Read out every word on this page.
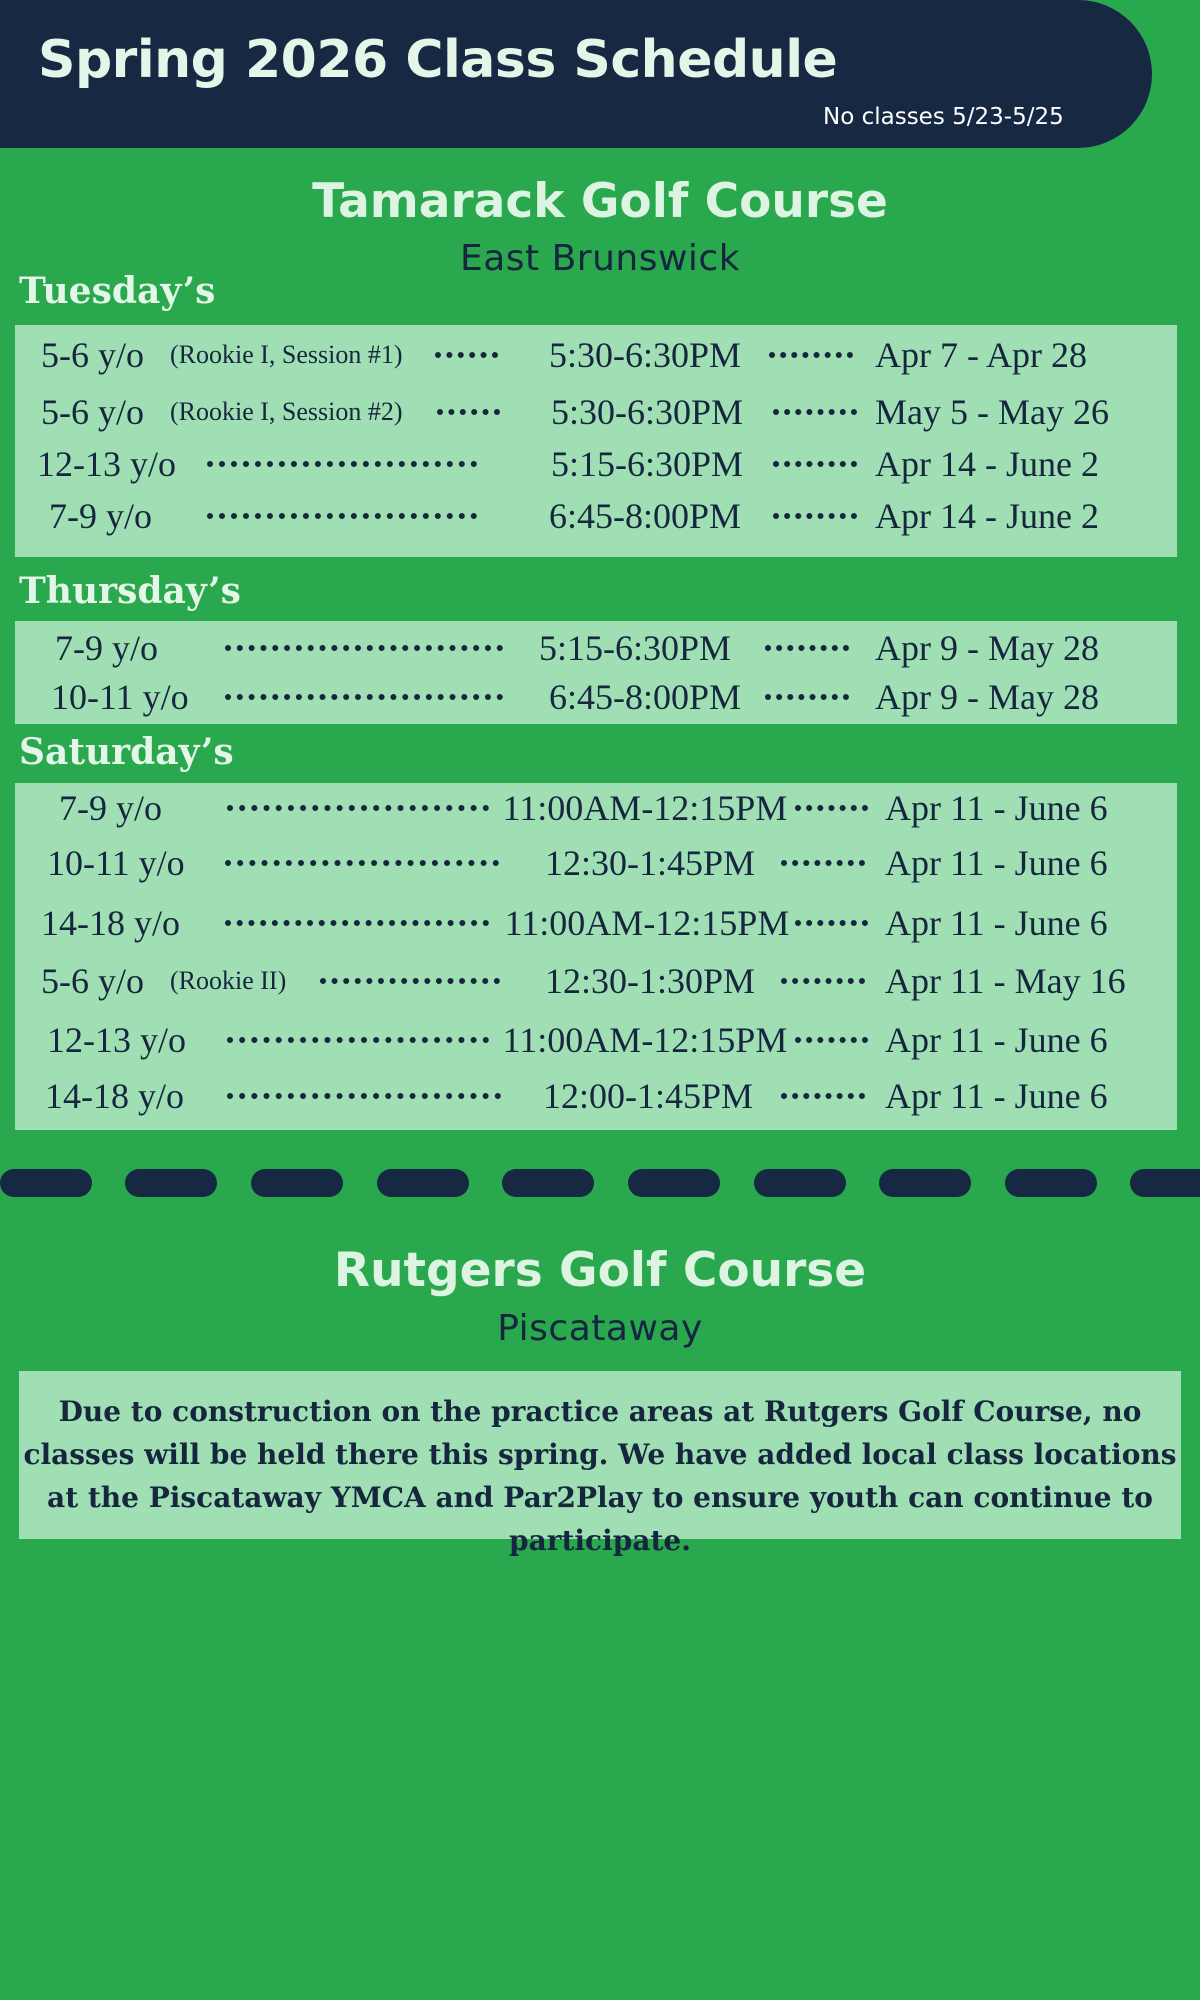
Spring 2026 Class Schedule
No classes 5/23-5/25
Tamarack Golf Course
East Brunswick
Tuesday’s
5-6 y/o (Rookie I, Session #1)	5:30-6:30PM	Apr 7 - Apr 28
5-6 y/o (Rookie I, Session #2)	5:30-6:30PM	May 5 - May 26
12-13 y/o	5:15-6:30PM	Apr 14 - June 2
7-9 y/o	6:45-8:00PM	Apr 14 - June 2
Thursday’s
7-9 y/o	5:15-6:30PM	Apr 9 - May 28
10-11 y/o	6:45-8:00PM	Apr 9 - May 28
Saturday’s
7-9 y/o	11:00AM-12:15PM	Apr 11 - June 6
10-11 y/o	12:30-1:45PM	Apr 11 - June 6
14-18 y/o	11:00AM-12:15PM	Apr 11 - June 6
5-6 y/o (Rookie II)	12:30-1:30PM	Apr 11 - May 16
12-13 y/o	11:00AM-12:15PM	Apr 11 - June 6
14-18 y/o	12:00-1:45PM	Apr 11 - June 6
Rutgers Golf Course
Piscataway
Due to construction on the practice areas at Rutgers Golf Course, no classes will be held there this spring. We have added local class locations at the Piscataway YMCA and Par2Play to ensure youth can continue to participate.
